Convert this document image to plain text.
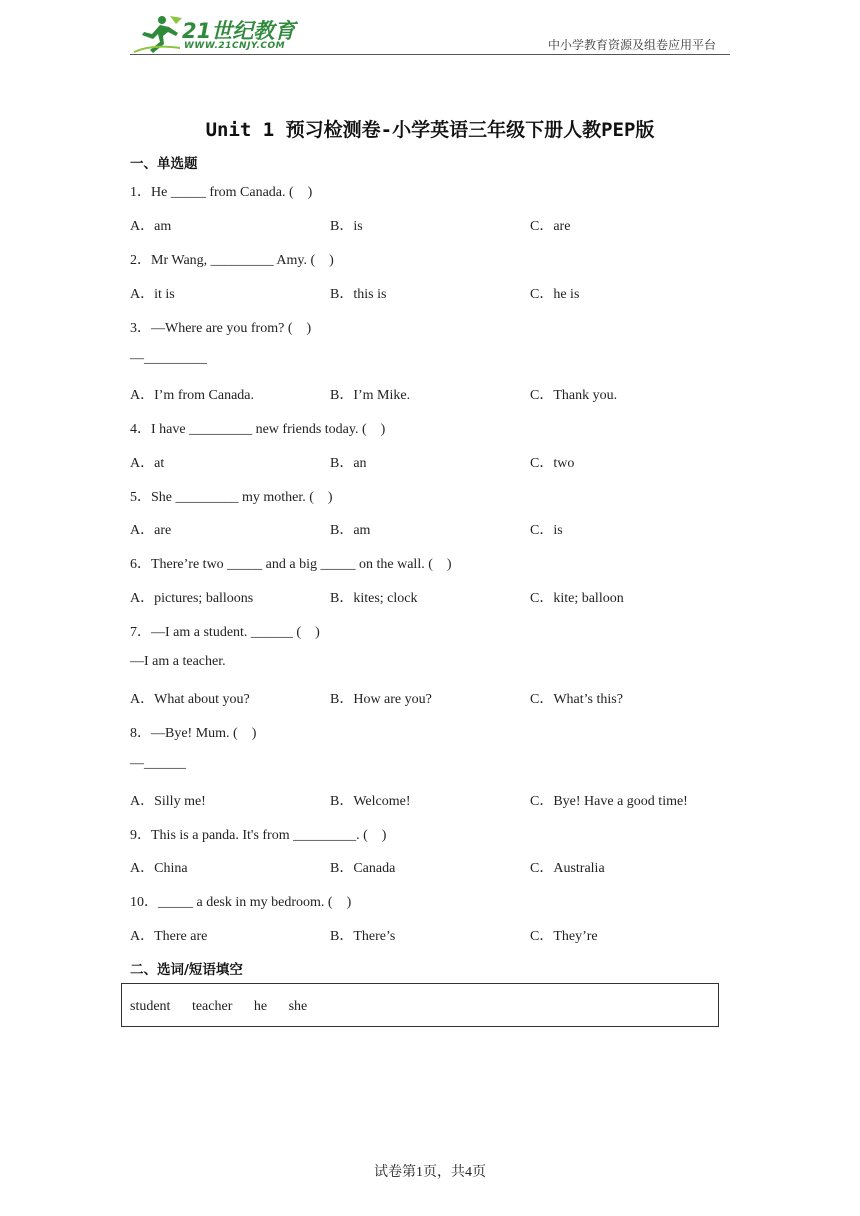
21世纪教育
WWW.21CNJY.COM	中小学教育资源及组卷应用平台
Unit 1 预习检测卷-小学英语三年级下册人教PEP版
一、单选题
1．He _____ from Canada. (    )
A．am	B．is	C．are
2．Mr Wang, _________ Amy. (    )
A．it is	B．this is	C．he is
3．—Where are you from? (    )
—_________
A．I’m from Canada.	B．I’m Mike.	C．Thank you.
4．I have _________ new friends today. (    )
A．at	B．an	C．two
5．She _________ my mother. (    )
A．are	B．am	C．is
6．There’re two _____ and a big _____ on the wall. (    )
A．pictures; balloons	B．kites; clock	C．kite; balloon
7．—I am a student. ______ (    )
—I am a teacher.
A．What about you?	B．How are you?	C．What’s this?
8．—Bye! Mum. (    )
—______
A．Silly me!	B．Welcome!	C．Bye! Have a good time!
9．This is a panda. It's from _________. (    )
A．China	B．Canada	C．Australia
10．_____ a desk in my bedroom. (    )
A．There are	B．There’s	C．They’re
二、选词/短语填空
student teacher he she
试卷第1页，共4页
